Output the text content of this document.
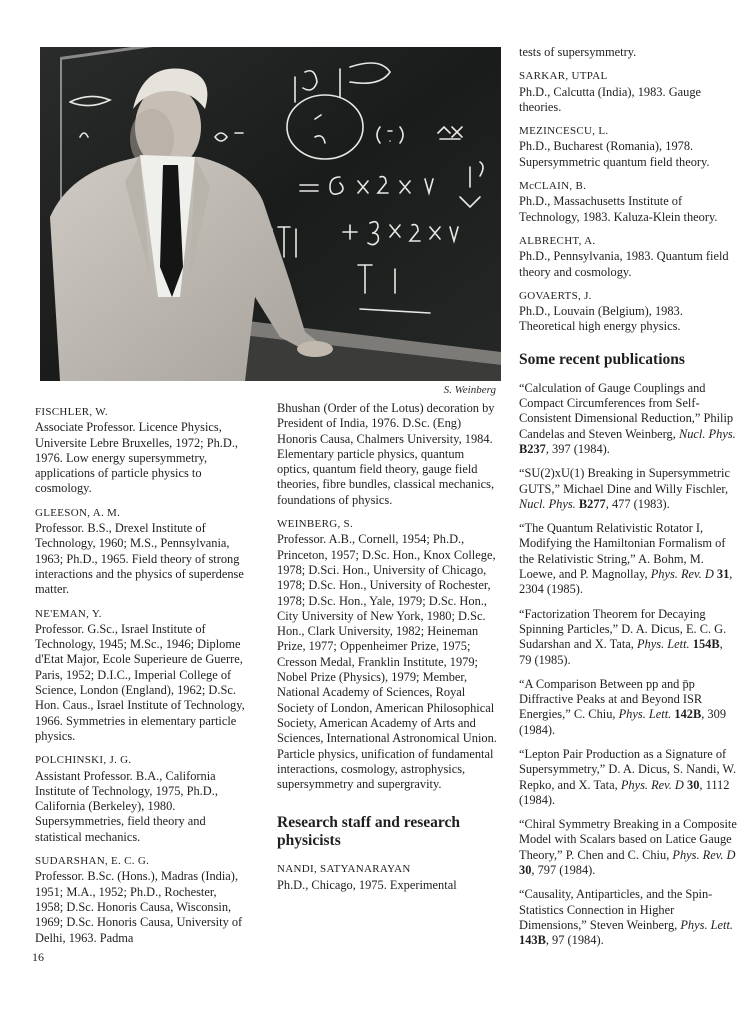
S. Weinberg
FISCHLER, W.
Associate Professor. Licence Physics, Universite Lebre Bruxelles, 1972; Ph.D., 1976. Low energy supersymmetry, applications of particle physics to cosmology.
GLEESON, A. M.
Professor. B.S., Drexel Institute of Technology, 1960; M.S., Pennsylvania, 1963; Ph.D., 1965. Field theory of strong interactions and the physics of superdense matter.
NE'EMAN, Y.
Professor. G.Sc., Israel Institute of Technology, 1945; M.Sc., 1946; Diplome d'Etat Major, Ecole Superieure de Guerre, Paris, 1952; D.I.C., Imperial College of Science, London (England), 1962; D.Sc. Hon. Caus., Israel Institute of Technology, 1966. Symmetries in elementary particle physics.
POLCHINSKI, J. G.
Assistant Professor. B.A., California Institute of Technology, 1975, Ph.D., California (Berkeley), 1980. Supersymmetries, field theory and statistical mechanics.
SUDARSHAN, E. C. G.
Professor. B.Sc. (Hons.), Madras (India), 1951; M.A., 1952; Ph.D., Rochester, 1958; D.Sc. Honoris Causa, Wisconsin, 1969; D.Sc. Honoris Causa, University of Delhi, 1963. Padma
Bhushan (Order of the Lotus) decoration by President of India, 1976. D.Sc. (Eng) Honoris Causa, Chalmers University, 1984. Elementary particle physics, quantum optics, quantum field theory, gauge field theories, fibre bundles, classical mechanics, foundations of physics.
WEINBERG, S.
Professor. A.B., Cornell, 1954; Ph.D., Princeton, 1957; D.Sc. Hon., Knox College, 1978; D.Sci. Hon., University of Chicago, 1978; D.Sc. Hon., University of Rochester, 1978; D.Sc. Hon., Yale, 1979; D.Sc. Hon., City University of New York, 1980; D.Sc. Hon., Clark University, 1982; Heineman Prize, 1977; Oppenheimer Prize, 1975; Cresson Medal, Franklin Institute, 1979; Nobel Prize (Physics), 1979; Member, National Academy of Sciences, Royal Society of London, American Philosophical Society, American Academy of Arts and Sciences, International Astronomical Union. Particle physics, unification of fundamental interactions, cosmology, astrophysics, supersymmetry and supergravity.
Research staff and research physicists
NANDI, SATYANARAYAN
Ph.D., Chicago, 1975. Experimental
tests of supersymmetry.
SARKAR, UTPAL
Ph.D., Calcutta (India), 1983. Gauge theories.
MEZINCESCU, L.
Ph.D., Bucharest (Romania), 1978. Supersymmetric quantum field theory.
McCLAIN, B.
Ph.D., Massachusetts Institute of Technology, 1983. Kaluza-Klein theory.
ALBRECHT, A.
Ph.D., Pennsylvania, 1983. Quantum field theory and cosmology.
GOVAERTS, J.
Ph.D., Louvain (Belgium), 1983. Theoretical high energy physics.
Some recent publications
“Calculation of Gauge Couplings and Compact Circumferences from Self-Consistent Dimensional Reduction,” Philip Candelas and Steven Weinberg, Nucl. Phys. B237, 397 (1984).
“SU(2)xU(1) Breaking in Supersymmetric GUTS,” Michael Dine and Willy Fischler, Nucl. Phys. B277, 477 (1983).
“The Quantum Relativistic Rotator I, Modifying the Hamiltonian Formalism of the Relativistic String,” A. Bohm, M. Loewe, and P. Magnollay, Phys. Rev. D 31, 2304 (1985).
“Factorization Theorem for Decaying Spinning Particles,” D. A. Dicus, E. C. G. Sudarshan and X. Tata, Phys. Lett. 154B, 79 (1985).
“A Comparison Between pp and p̄p Diffractive Peaks at and Beyond ISR Energies,” C. Chiu, Phys. Lett. 142B, 309 (1984).
“Lepton Pair Production as a Signature of Supersymmetry,” D. A. Dicus, S. Nandi, W. Repko, and X. Tata, Phys. Rev. D 30, 1112 (1984).
“Chiral Symmetry Breaking in a Composite Model with Scalars based on Latice Gauge Theory,” P. Chen and C. Chiu, Phys. Rev. D 30, 797 (1984).
“Causality, Antiparticles, and the Spin-Statistics Connection in Higher Dimensions,” Steven Weinberg, Phys. Lett. 143B, 97 (1984).
16
